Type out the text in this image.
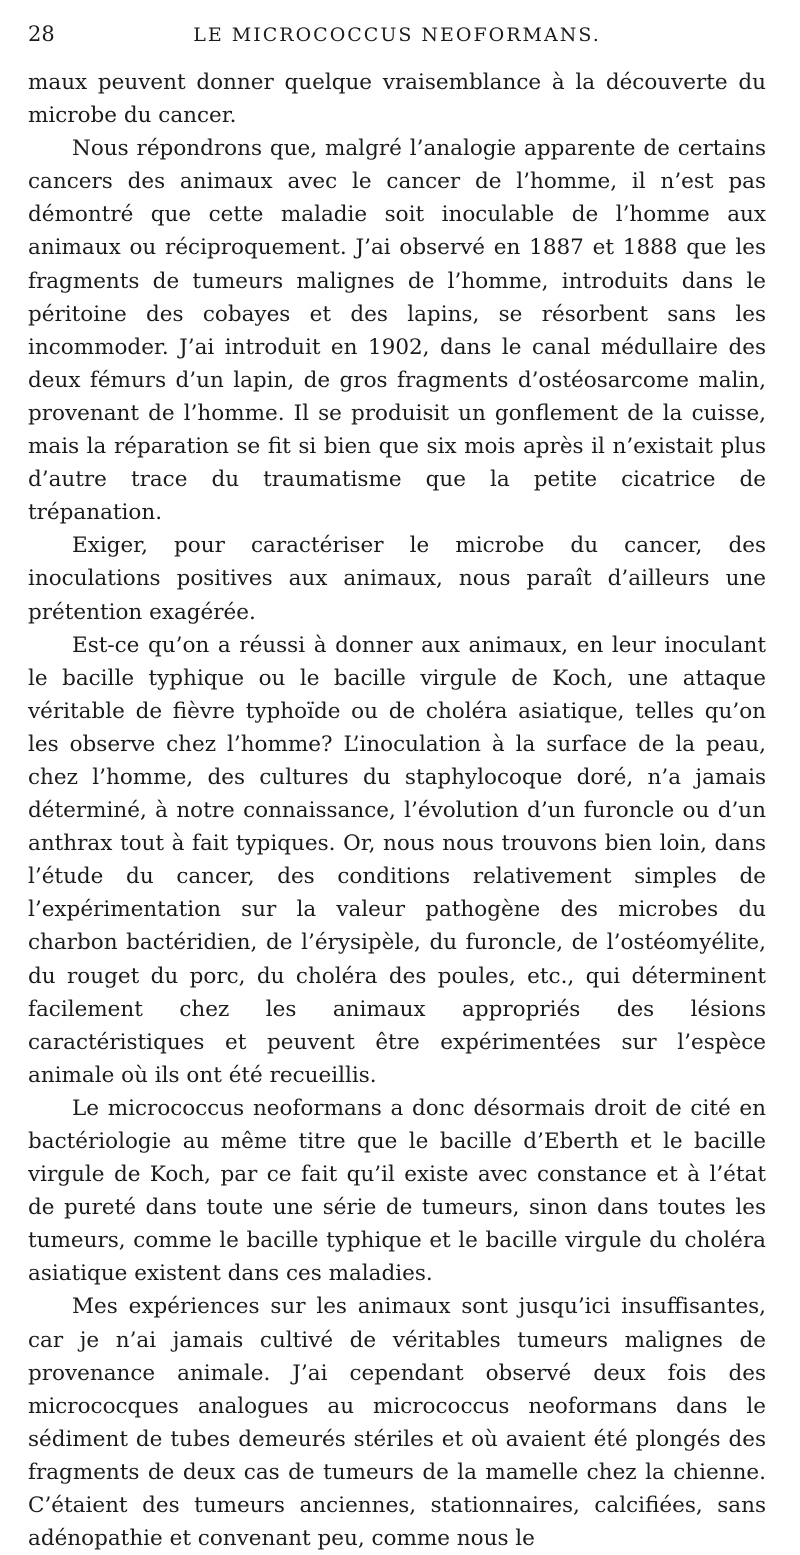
28	LE MICROCOCCUS NEOFORMANS.

maux peuvent donner quelque vraisemblance à la découverte du microbe du cancer.

Nous répondrons que, malgré l’analogie apparente de certains cancers des animaux avec le cancer de l’homme, il n’est pas démontré que cette maladie soit inoculable de l’homme aux animaux ou réciproquement. J’ai observé en 1887 et 1888 que les fragments de tumeurs malignes de l’homme, introduits dans le péritoine des cobayes et des lapins, se résorbent sans les incommoder. J’ai introduit en 1902, dans le canal médullaire des deux fémurs d’un lapin, de gros fragments d’ostéosarcome malin, provenant de l’homme. Il se produisit un gonflement de la cuisse, mais la réparation se fit si bien que six mois après il n’existait plus d’autre trace du traumatisme que la petite cicatrice de trépanation.

Exiger, pour caractériser le microbe du cancer, des inoculations positives aux animaux, nous paraît d’ailleurs une prétention exagérée.

Est-ce qu’on a réussi à donner aux animaux, en leur inoculant le bacille typhique ou le bacille virgule de Koch, une attaque véritable de fièvre typhoïde ou de choléra asiatique, telles qu’on les observe chez l’homme? L’inoculation à la surface de la peau, chez l’homme, des cultures du staphylocoque doré, n’a jamais déterminé, à notre connaissance, l’évolution d’un furoncle ou d’un anthrax tout à fait typiques. Or, nous nous trouvons bien loin, dans l’étude du cancer, des conditions relativement simples de l’expérimentation sur la valeur pathogène des microbes du charbon bactéridien, de l’érysipèle, du furoncle, de l’ostéomyélite, du rouget du porc, du choléra des poules, etc., qui déterminent facilement chez les animaux appropriés des lésions caractéristiques et peuvent être expérimentées sur l’espèce animale où ils ont été recueillis.

Le micrococcus neoformans a donc désormais droit de cité en bactériologie au même titre que le bacille d’Eberth et le bacille virgule de Koch, par ce fait qu’il existe avec constance et à l’état de pureté dans toute une série de tumeurs, sinon dans toutes les tumeurs, comme le bacille typhique et le bacille virgule du choléra asiatique existent dans ces maladies.

Mes expériences sur les animaux sont jusqu’ici insuffisantes, car je n’ai jamais cultivé de véritables tumeurs malignes de provenance animale. J’ai cependant observé deux fois des micrococques analogues au micrococcus neoformans dans le sédiment de tubes demeurés stériles et où avaient été plongés des fragments de deux cas de tumeurs de la mamelle chez la chienne. C’étaient des tumeurs anciennes, stationnaires, calcifiées, sans adénopathie et convenant peu, comme nous le
